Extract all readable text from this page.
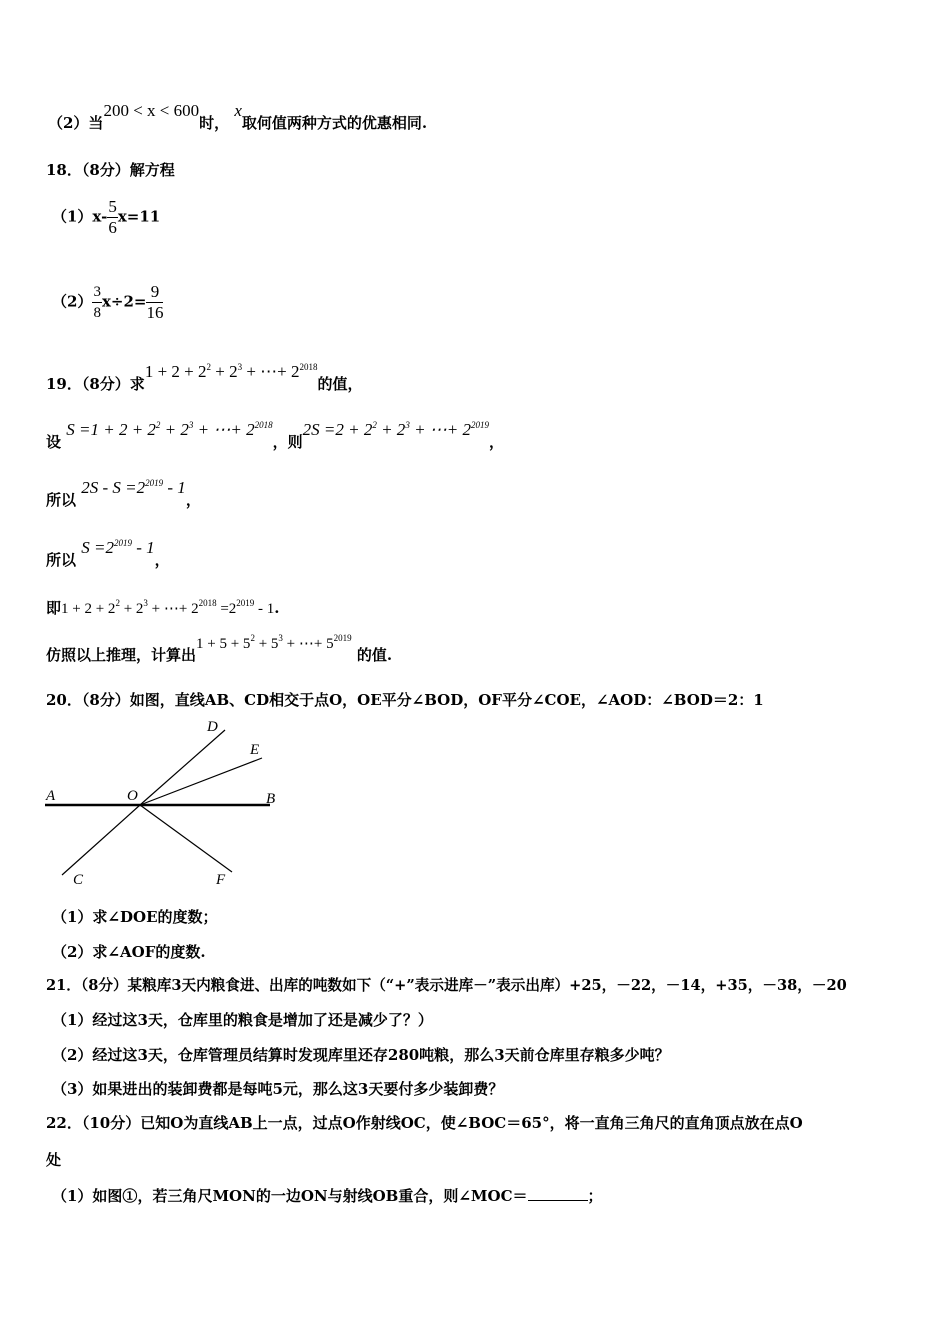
（2）当200 < x < 600时， x取何值两种方式的优惠相同.
18．（8分）解方程
$(1)x- \frac{5}{6} x=11$
$(2) \frac{3}{8} x\div 2= \frac{9}{16}$
19．（8分）求$1 + 2 + 2^2 + 2^3$ + ⋯+ $2^{2018}$的值，
设 $S =1 + 2 + 2^2 + 2^3$ + ⋯+ $2^{2018}$，则$2S =2 + 2^2 + 2^3$ + ⋯+ $2^{2019}$，
所以 $2S - S =2^{2019} - 1$，
所以 $S =2^{2019} - 1$，
即$1 + 2 + 2^2 + 2^3$ + ⋯+ $2^{2018} =2^{2019} - 1$.
仿照以上推理，计算出$1 + 5 + 5^2 + 5^3$ + ⋯+ $5^{2019}$ 的值.
20．（8分）如图，直线AB、CD相交于点O，OE平分∠BOD，OF平分∠COE，∠AOD：∠BOD＝2：1
D
E
A	O	B
C	F
（1）求∠DOE的度数；
（2）求∠AOF的度数.
21．（8分）某粮库3天内粮食进、出库的吨数如下（“+”表示进库－”表示出库）+25，－22，－14，+35，－38，－20
（1）经过这3天，仓库里的粮食是增加了还是减少了？）
（2）经过这3天，仓库管理员结算时发现库里还存280吨粮，那么3天前仓库里存粮多少吨？
（3）如果进出的装卸费都是每吨5元，那么这3天要付多少装卸费？
22．（10分）已知O为直线AB上一点，过点O作射线OC，使∠BOC＝65°，将一直角三角尺的直角顶点放在点O
处
（1）如图①，若三角尺MON的一边ON与射线OB重合，则∠MOC＝	；
